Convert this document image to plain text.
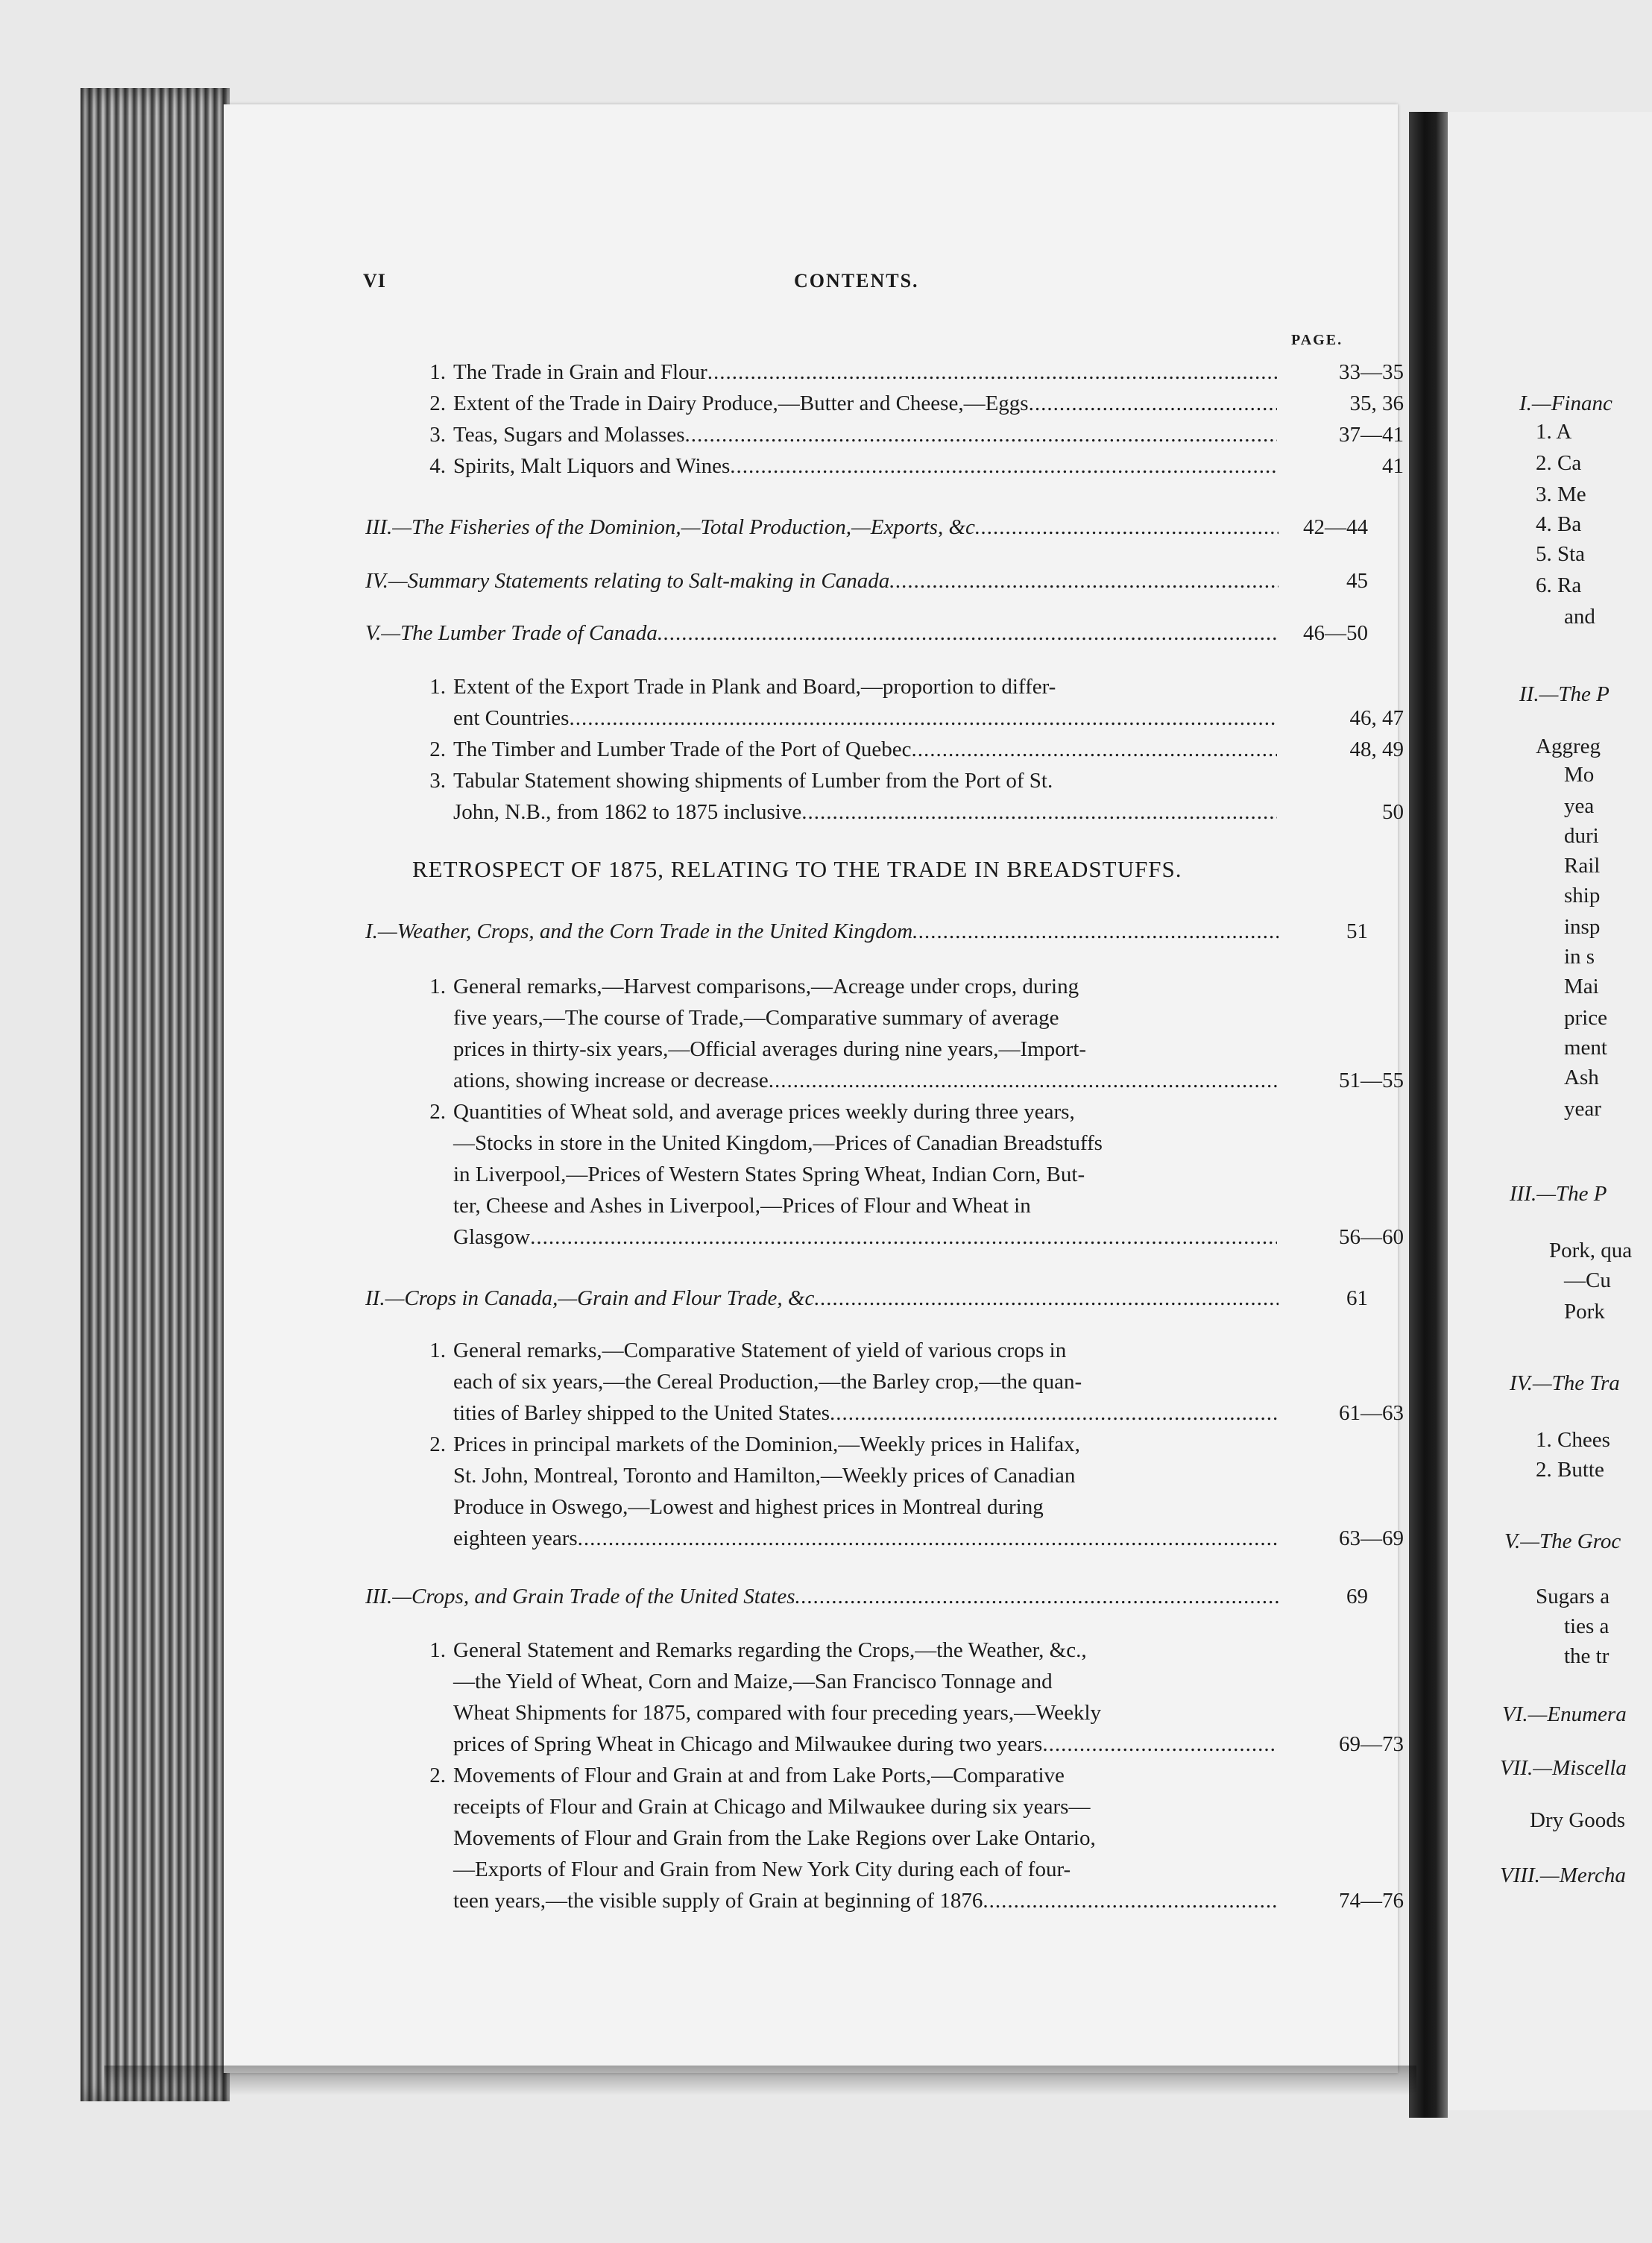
VI	CONTENTS.
PAGE.
1. The Trade in Grain and Flour .....	33—35
2. Extent of the Trade in Dairy Produce,—Butter and Cheese,—Eggs .....	35, 36
3. Teas, Sugars and Molasses .....	37—41
4. Spirits, Malt Liquors and Wines .....	41
III.—The Fisheries of the Dominion,—Total Production,—Exports, &c .....	42—44
IV.—Summary Statements relating to Salt-making in Canada .....	45
V.—The Lumber Trade of Canada .....	46—50
1. Extent of the Export Trade in Plank and Board,—proportion to differ-
ent Countries .....	46, 47
2. The Timber and Lumber Trade of the Port of Quebec .....	48, 49
3. Tabular Statement showing shipments of Lumber from the Port of St.
John, N.B., from 1862 to 1875 inclusive .....	50
I.—Weather, Crops, and the Corn Trade in the United Kingdom .....	51
1. General remarks,—Harvest comparisons,—Acreage under crops, during
five years,—The course of Trade,—Comparative summary of average
prices in thirty-six years,—Official averages during nine years,—Import-
ations, showing increase or decrease .....	51—55
2. Quantities of Wheat sold, and average prices weekly during three years,
—Stocks in store in the United Kingdom,—Prices of Canadian Breadstuffs
in Liverpool,—Prices of Western States Spring Wheat, Indian Corn, But-
ter, Cheese and Ashes in Liverpool,—Prices of Flour and Wheat in
Glasgow .....	56—60
II.—Crops in Canada,—Grain and Flour Trade, &c .....	61
1. General remarks,—Comparative Statement of yield of various crops in
each of six years,—the Cereal Production,—the Barley crop,—the quan-
tities of Barley shipped to the United States .....	61—63
2. Prices in principal markets of the Dominion,—Weekly prices in Halifax,
St. John, Montreal, Toronto and Hamilton,—Weekly prices of Canadian
Produce in Oswego,—Lowest and highest prices in Montreal during
eighteen years .....	63—69
III.—Crops, and Grain Trade of the United States .....	69
1. General Statement and Remarks regarding the Crops,—the Weather, &c.,
—the Yield of Wheat, Corn and Maize,—San Francisco Tonnage and
Wheat Shipments for 1875, compared with four preceding years,—Weekly
prices of Spring Wheat in Chicago and Milwaukee during two years .....	69—73
2. Movements of Flour and Grain at and from Lake Ports,—Comparative
receipts of Flour and Grain at Chicago and Milwaukee during six years—
Movements of Flour and Grain from the Lake Regions over Lake Ontario,
—Exports of Flour and Grain from New York City during each of four-
teen years,—the visible supply of Grain at beginning of 1876 .....	74—76
RETROSPECT OF 1875, RELATING TO THE TRADE IN BREADSTUFFS.
I.—Financ
1. A
2. Ca
3. Me
4. Ba
5. Sta
6. Ra
and
II.—The P
Aggreg
Mo
yea
duri
Rail
ship
insp
in s
Mai
price
ment
Ash
year
III.—The P
Pork, qua
—Cu
Pork
IV.—The Tra
1. Chees
2. Butte
V.—The Groc
Sugars a
ties a
the tr
VI.—Enumera
VII.—Miscella
Dry Goods
VIII.—Mercha
